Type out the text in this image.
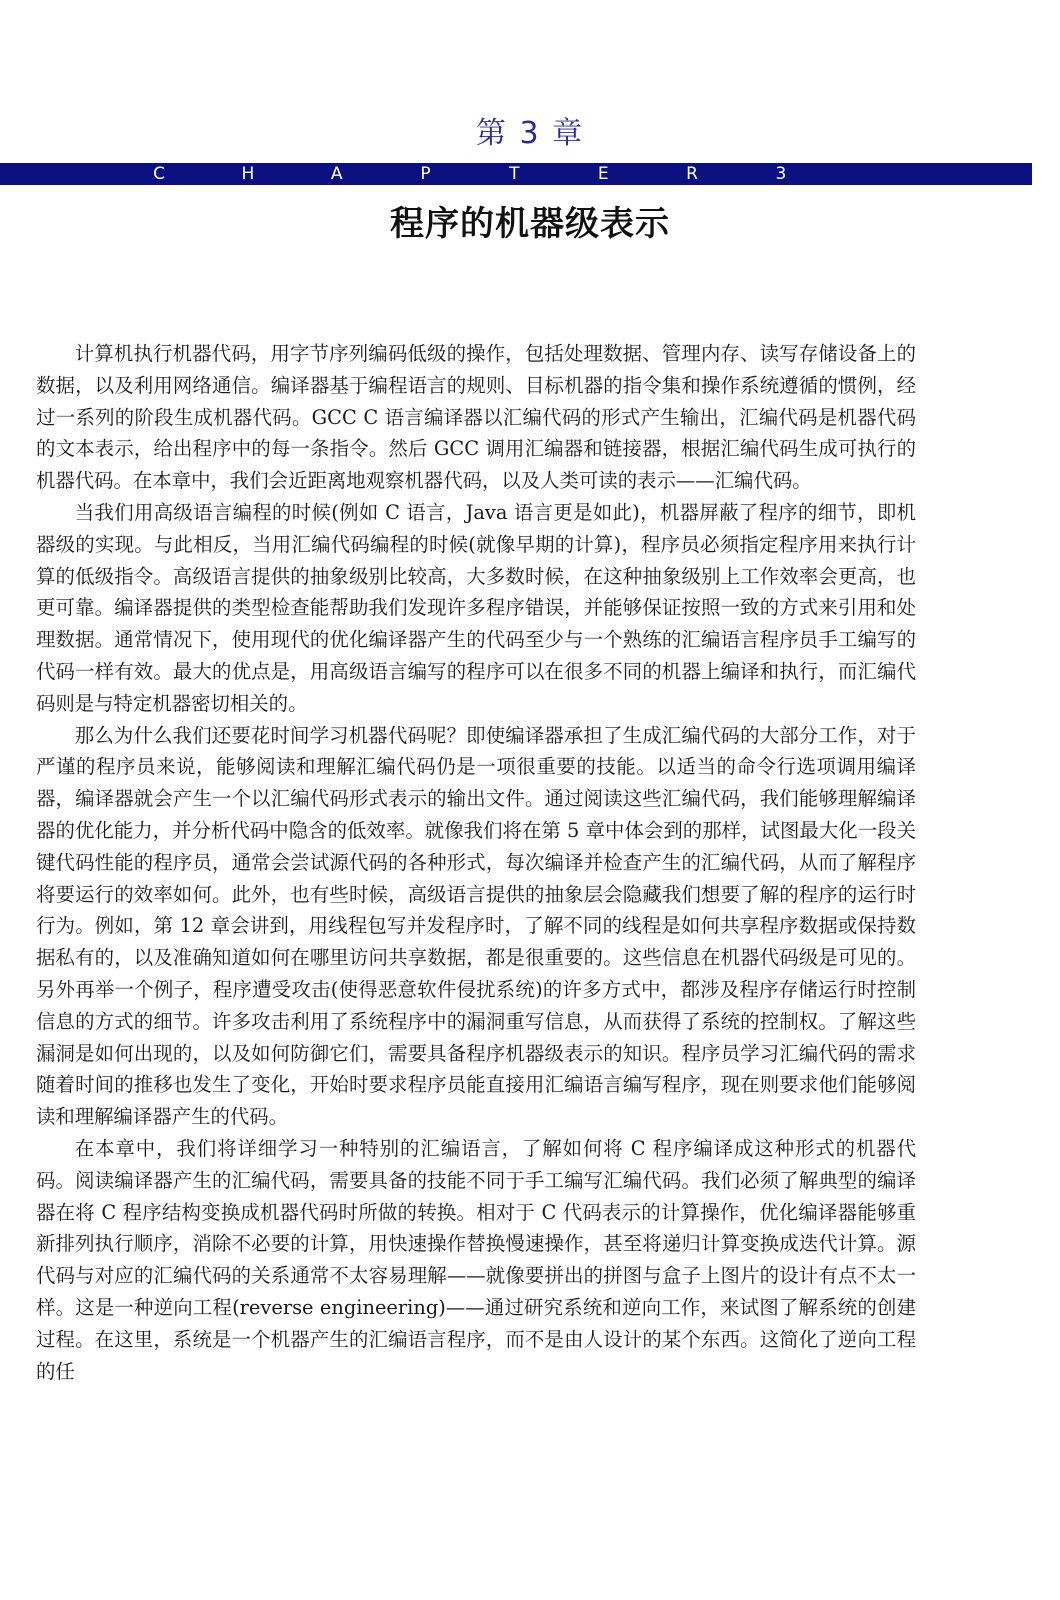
第 3 章
C	H	A	P	T	E	R	3
程序的机器级表示

计算机执行机器代码，用字节序列编码低级的操作，包括处理数据、管理内存、读写存储设备上的数据，以及利用网络通信。编译器基于编程语言的规则、目标机器的指令集和操作系统遵循的惯例，经过一系列的阶段生成机器代码。GCC C 语言编译器以汇编代码的形式产生输出，汇编代码是机器代码的文本表示，给出程序中的每一条指令。然后 GCC 调用汇编器和链接器，根据汇编代码生成可执行的机器代码。在本章中，我们会近距离地观察机器代码，以及人类可读的表示——汇编代码。

当我们用高级语言编程的时候(例如 C 语言，Java 语言更是如此)，机器屏蔽了程序的细节，即机器级的实现。与此相反，当用汇编代码编程的时候(就像早期的计算)，程序员必须指定程序用来执行计算的低级指令。高级语言提供的抽象级别比较高，大多数时候，在这种抽象级别上工作效率会更高，也更可靠。编译器提供的类型检查能帮助我们发现许多程序错误，并能够保证按照一致的方式来引用和处理数据。通常情况下，使用现代的优化编译器产生的代码至少与一个熟练的汇编语言程序员手工编写的代码一样有效。最大的优点是，用高级语言编写的程序可以在很多不同的机器上编译和执行，而汇编代码则是与特定机器密切相关的。

那么为什么我们还要花时间学习机器代码呢？即使编译器承担了生成汇编代码的大部分工作，对于严谨的程序员来说，能够阅读和理解汇编代码仍是一项很重要的技能。以适当的命令行选项调用编译器，编译器就会产生一个以汇编代码形式表示的输出文件。通过阅读这些汇编代码，我们能够理解编译器的优化能力，并分析代码中隐含的低效率。就像我们将在第 5 章中体会到的那样，试图最大化一段关键代码性能的程序员，通常会尝试源代码的各种形式，每次编译并检查产生的汇编代码，从而了解程序将要运行的效率如何。此外，也有些时候，高级语言提供的抽象层会隐藏我们想要了解的程序的运行时行为。例如，第 12 章会讲到，用线程包写并发程序时，了解不同的线程是如何共享程序数据或保持数据私有的，以及准确知道如何在哪里访问共享数据，都是很重要的。这些信息在机器代码级是可见的。另外再举一个例子，程序遭受攻击(使得恶意软件侵扰系统)的许多方式中，都涉及程序存储运行时控制信息的方式的细节。许多攻击利用了系统程序中的漏洞重写信息，从而获得了系统的控制权。了解这些漏洞是如何出现的，以及如何防御它们，需要具备程序机器级表示的知识。程序员学习汇编代码的需求随着时间的推移也发生了变化，开始时要求程序员能直接用汇编语言编写程序，现在则要求他们能够阅读和理解编译器产生的代码。

在本章中，我们将详细学习一种特别的汇编语言，了解如何将 C 程序编译成这种形式的机器代码。阅读编译器产生的汇编代码，需要具备的技能不同于手工编写汇编代码。我们必须了解典型的编译器在将 C 程序结构变换成机器代码时所做的转换。相对于 C 代码表示的计算操作，优化编译器能够重新排列执行顺序，消除不必要的计算，用快速操作替换慢速操作，甚至将递归计算变换成迭代计算。源代码与对应的汇编代码的关系通常不太容易理解——就像要拼出的拼图与盒子上图片的设计有点不太一样。这是一种逆向工程(reverse engineering)——通过研究系统和逆向工作，来试图了解系统的创建过程。在这里，系统是一个机器产生的汇编语言程序，而不是由人设计的某个东西。这简化了逆向工程的任
